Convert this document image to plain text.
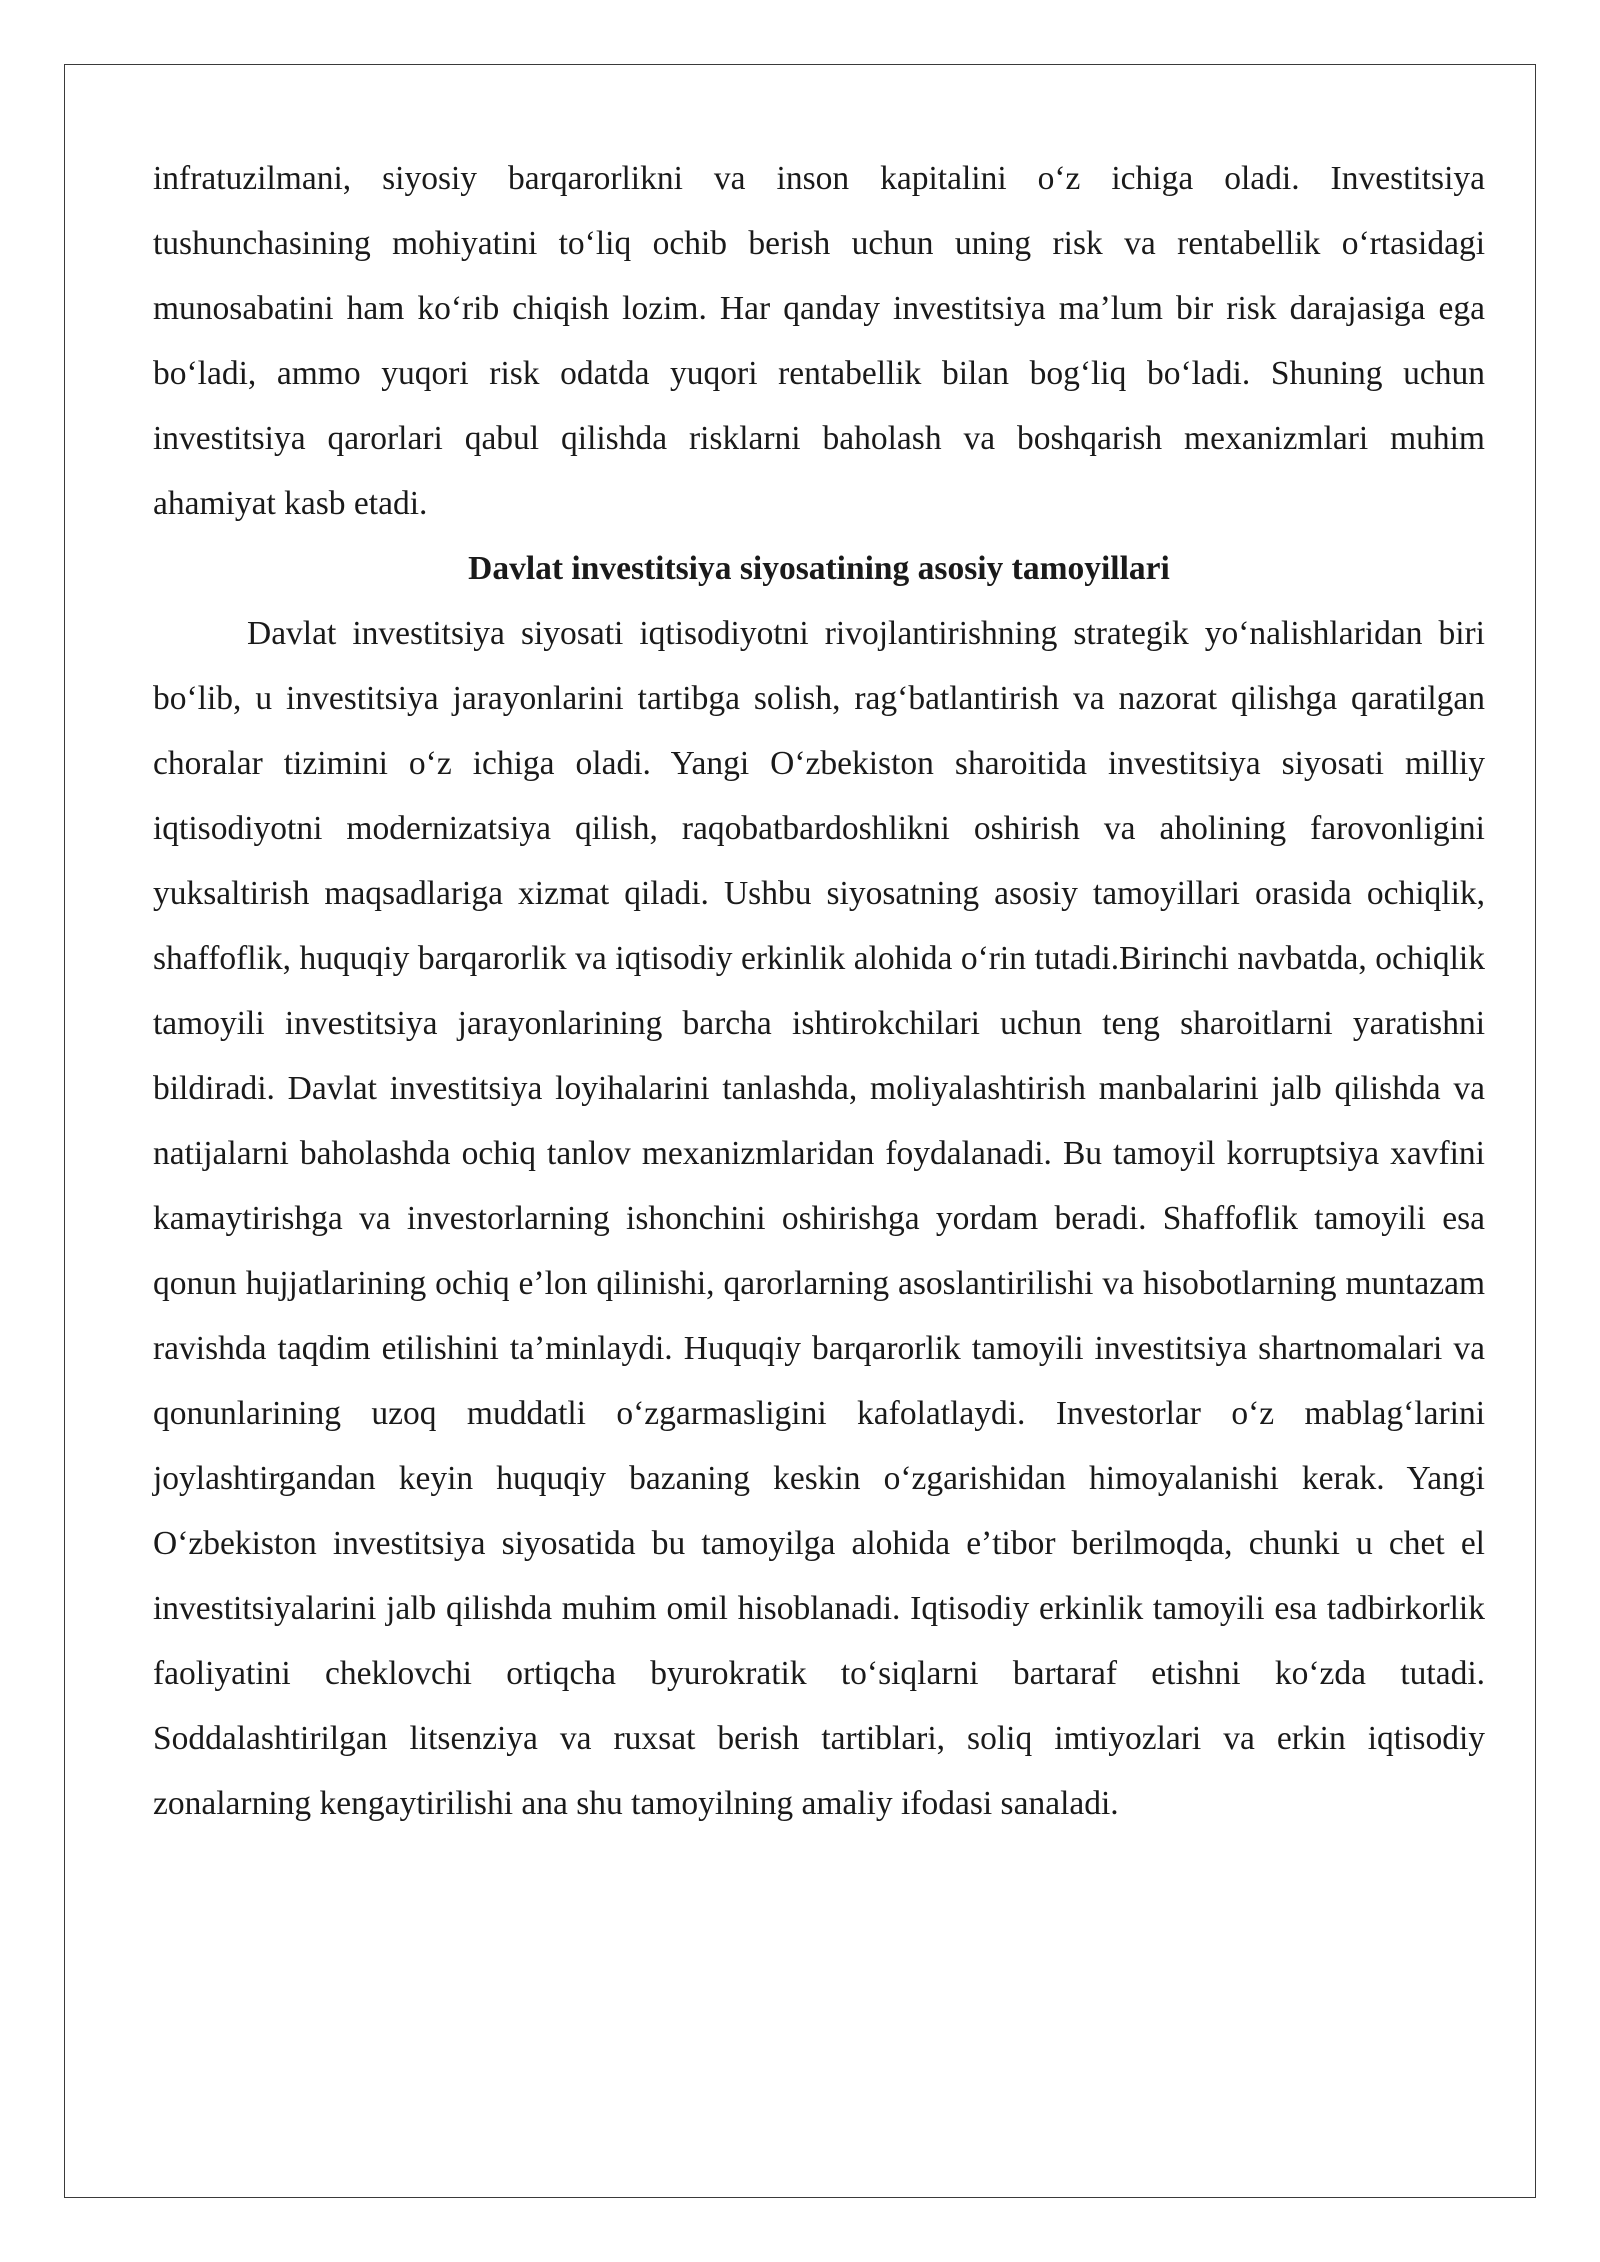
infratuzilmani, siyosiy barqarorlikni va inson kapitalini oʻz ichiga oladi. Investitsiya tushunchasining mohiyatini toʻliq ochib berish uchun uning risk va rentabellik oʻrtasidagi munosabatini ham koʻrib chiqish lozim. Har qanday investitsiya maʼlum bir risk darajasiga ega boʻladi, ammo yuqori risk odatda yuqori rentabellik bilan bogʻliq boʻladi. Shuning uchun investitsiya qarorlari qabul qilishda risklarni baholash va boshqarish mexanizmlari muhim ahamiyat kasb etadi.

Davlat investitsiya siyosatining asosiy tamoyillari

Davlat investitsiya siyosati iqtisodiyotni rivojlantirishning strategik yoʻnalishlaridan biri boʻlib, u investitsiya jarayonlarini tartibga solish, ragʻbatlantirish va nazorat qilishga qaratilgan choralar tizimini oʻz ichiga oladi. Yangi Oʻzbekiston sharoitida investitsiya siyosati milliy iqtisodiyotni modernizatsiya qilish, raqobatbardoshlikni oshirish va aholining farovonligini yuksaltirish maqsadlariga xizmat qiladi. Ushbu siyosatning asosiy tamoyillari orasida ochiqlik, shaffoflik, huquqiy barqarorlik va iqtisodiy erkinlik alohida oʻrin tutadi.Birinchi navbatda, ochiqlik tamoyili investitsiya jarayonlarining barcha ishtirokchilari uchun teng sharoitlarni yaratishni bildiradi. Davlat investitsiya loyihalarini tanlashda, moliyalashtirish manbalarini jalb qilishda va natijalarni baholashda ochiq tanlov mexanizmlaridan foydalanadi. Bu tamoyil korruptsiya xavfini kamaytirishga va investorlarning ishonchini oshirishga yordam beradi. Shaffoflik tamoyili esa qonun hujjatlarining ochiq eʼlon qilinishi, qarorlarning asoslantirilishi va hisobotlarning muntazam ravishda taqdim etilishini taʼminlaydi. Huquqiy barqarorlik tamoyili investitsiya shartnomalari va qonunlarining uzoq muddatli oʻzgarmasligini kafolatlaydi. Investorlar oʻz mablagʻlarini joylashtirgandan keyin huquqiy bazaning keskin oʻzgarishidan himoyalanishi kerak. Yangi Oʻzbekiston investitsiya siyosatida bu tamoyilga alohida eʼtibor berilmoqda, chunki u chet el investitsiyalarini jalb qilishda muhim omil hisoblanadi. Iqtisodiy erkinlik tamoyili esa tadbirkorlik faoliyatini cheklovchi ortiqcha byurokratik toʻsiqlarni bartaraf etishni koʻzda tutadi. Soddalashtirilgan litsenziya va ruxsat berish tartiblari, soliq imtiyozlari va erkin iqtisodiy zonalarning kengaytirilishi ana shu tamoyilning amaliy ifodasi sanaladi.
